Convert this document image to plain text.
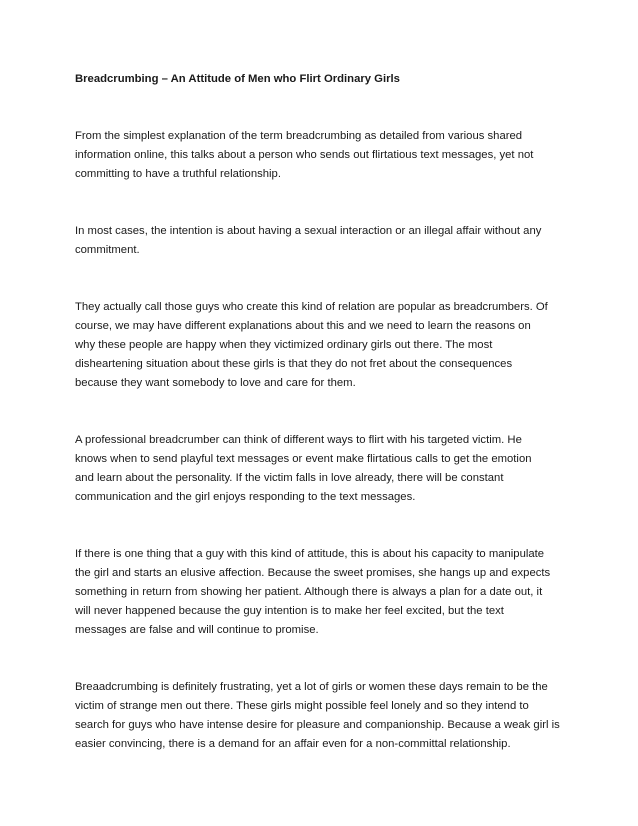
Breadcrumbing – An Attitude of Men who Flirt Ordinary Girls

From the simplest explanation of the term breadcrumbing as detailed from various shared
information online, this talks about a person who sends out flirtatious text messages, yet not
committing to have a truthful relationship.
In most cases, the intention is about having a sexual interaction or an illegal affair without any
commitment.
They actually call those guys who create this kind of relation are popular as breadcrumbers. Of
course, we may have different explanations about this and we need to learn the reasons on
why these people are happy when they victimized ordinary girls out there. The most
disheartening situation about these girls is that they do not fret about the consequences
because they want somebody to love and care for them.
A professional breadcrumber can think of different ways to flirt with his targeted victim. He
knows when to send playful text messages or event make flirtatious calls to get the emotion
and learn about the personality. If the victim falls in love already, there will be constant
communication and the girl enjoys responding to the text messages.
If there is one thing that a guy with this kind of attitude, this is about his capacity to manipulate
the girl and starts an elusive affection. Because the sweet promises, she hangs up and expects
something in return from showing her patient. Although there is always a plan for a date out, it
will never happened because the guy intention is to make her feel excited, but the text
messages are false and will continue to promise.
Breaadcrumbing is definitely frustrating, yet a lot of girls or women these days remain to be the
victim of strange men out there. These girls might possible feel lonely and so they intend to
search for guys who have intense desire for pleasure and companionship. Because a weak girl is
easier convincing, there is a demand for an affair even for a non-committal relationship.
